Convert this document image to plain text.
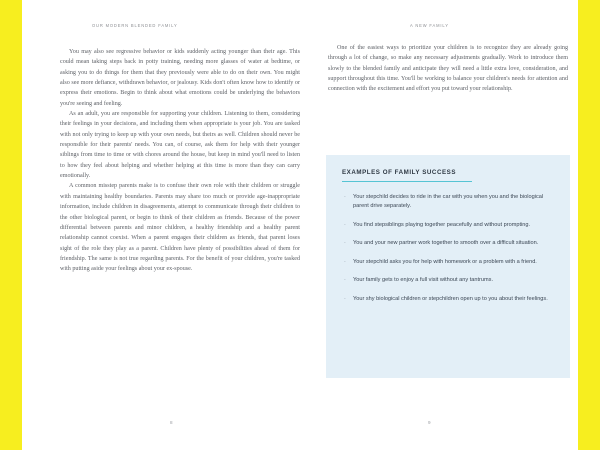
OUR MODERN BLENDED FAMILY

You may also see regressive behavior or kids suddenly acting younger than their age. This could mean taking steps back in potty training, needing more glasses of water at bedtime, or asking you to do things for them that they previously were able to do on their own. You might also see more defiance, withdrawn behavior, or jealousy. Kids don't often know how to identify or express their emotions. Begin to think about what emotions could be underlying the behaviors you're seeing and feeling.

As an adult, you are responsible for supporting your children. Listening to them, considering their feelings in your decisions, and including them when appropriate is your job. You are tasked with not only trying to keep up with your own needs, but theirs as well. Children should never be responsible for their parents' needs. You can, of course, ask them for help with their younger siblings from time to time or with chores around the house, but keep in mind you'll need to listen to how they feel about helping and whether helping at this time is more than they can carry emotionally.

A common misstep parents make is to confuse their own role with their children or struggle with maintaining healthy boundaries. Parents may share too much or provide age-inappropriate information, include children in disagreements, attempt to communicate through their children to the other biological parent, or begin to think of their children as friends. Because of the power differential between parents and minor children, a healthy friendship and a healthy parent relationship cannot coexist. When a parent engages their children as friends, that parent loses sight of the role they play as a parent. Children have plenty of possibilities ahead of them for friendship. The same is not true regarding parents. For the benefit of your children, you're tasked with putting aside your feelings about your ex-spouse.

8
A NEW FAMILY

One of the easiest ways to prioritize your children is to recognize they are already going through a lot of change, so make any necessary adjustments gradually. Work to introduce them slowly to the blended family and anticipate they will need a little extra love, consideration, and support throughout this time. You'll be working to balance your children's needs for attention and connection with the excitement and effort you put toward your relationship.

EXAMPLES OF FAMILY SUCCESS
· Your stepchild decides to ride in the car with you when you and the biological parent drive separately.
· You find stepsiblings playing together peacefully and without prompting.
· You and your new partner work together to smooth over a difficult situation.
· Your stepchild asks you for help with homework or a problem with a friend.
· Your family gets to enjoy a full visit without any tantrums.
· Your shy biological children or stepchildren open up to you about their feelings.
9
